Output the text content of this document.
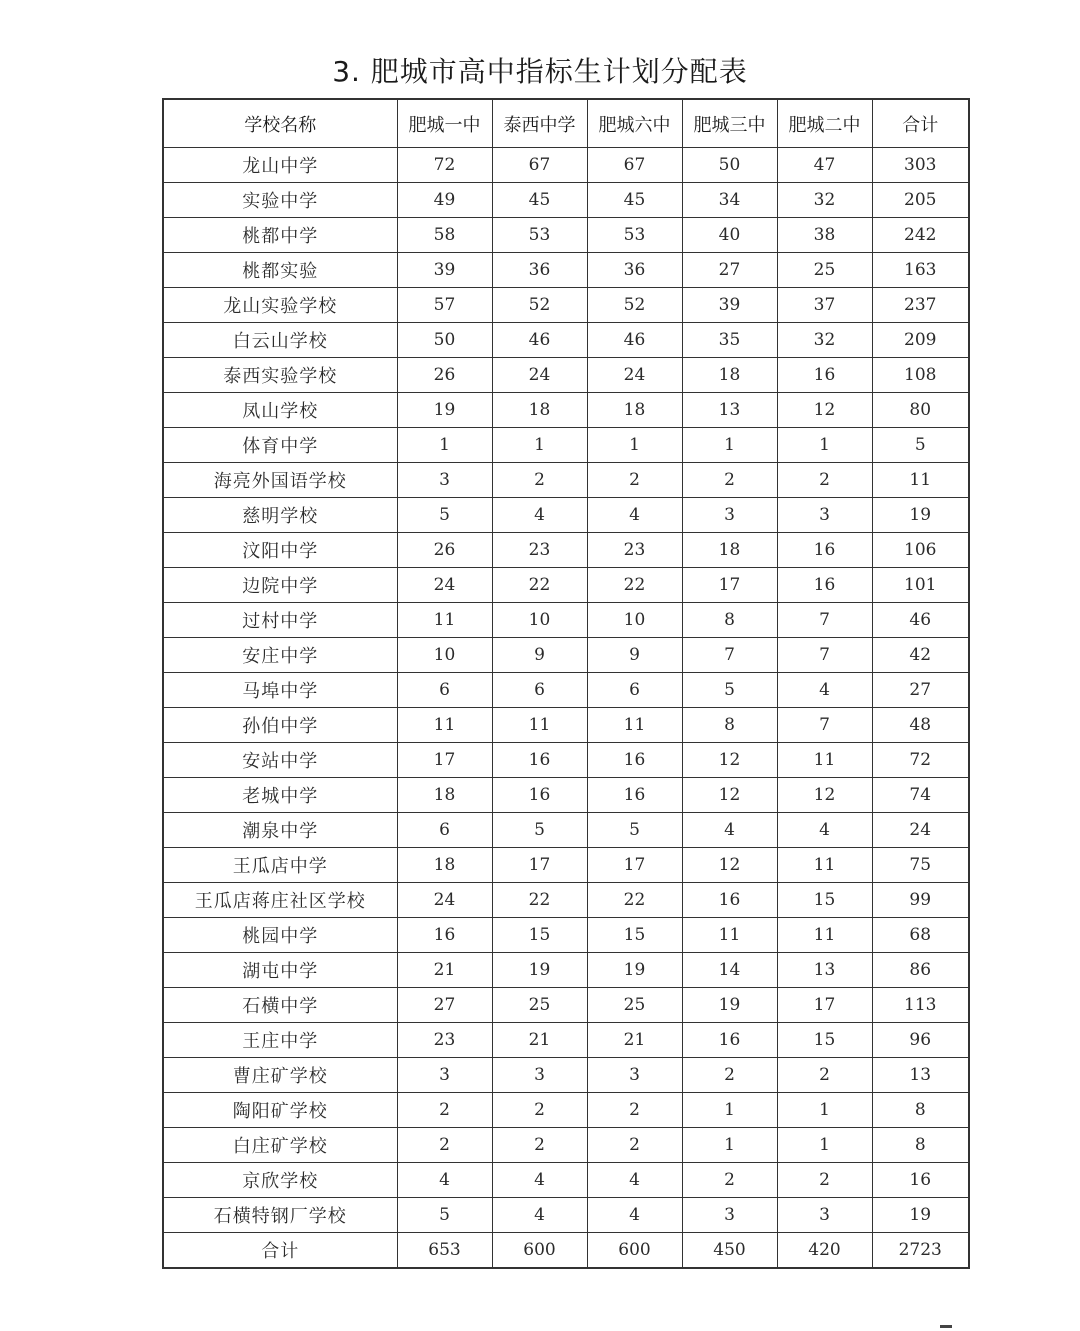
3. 肥城市高中指标生计划分配表
学校名称	肥城一中	泰西中学	肥城六中	肥城三中	肥城二中	合计
龙山中学	72	67	67	50	47	303
实验中学	49	45	45	34	32	205
桃都中学	58	53	53	40	38	242
桃都实验	39	36	36	27	25	163
龙山实验学校	57	52	52	39	37	237
白云山学校	50	46	46	35	32	209
泰西实验学校	26	24	24	18	16	108
凤山学校	19	18	18	13	12	80
体育中学	1	1	1	1	1	5
海亮外国语学校	3	2	2	2	2	11
慈明学校	5	4	4	3	3	19
汶阳中学	26	23	23	18	16	106
边院中学	24	22	22	17	16	101
过村中学	11	10	10	8	7	46
安庄中学	10	9	9	7	7	42
马埠中学	6	6	6	5	4	27
孙伯中学	11	11	11	8	7	48
安站中学	17	16	16	12	11	72
老城中学	18	16	16	12	12	74
潮泉中学	6	5	5	4	4	24
王瓜店中学	18	17	17	12	11	75
王瓜店蒋庄社区学校	24	22	22	16	15	99
桃园中学	16	15	15	11	11	68
湖屯中学	21	19	19	14	13	86
石横中学	27	25	25	19	17	113
王庄中学	23	21	21	16	15	96
曹庄矿学校	3	3	3	2	2	13
陶阳矿学校	2	2	2	1	1	8
白庄矿学校	2	2	2	1	1	8
京欣学校	4	4	4	2	2	16
石横特钢厂学校	5	4	4	3	3	19
合计	653	600	600	450	420	2723
